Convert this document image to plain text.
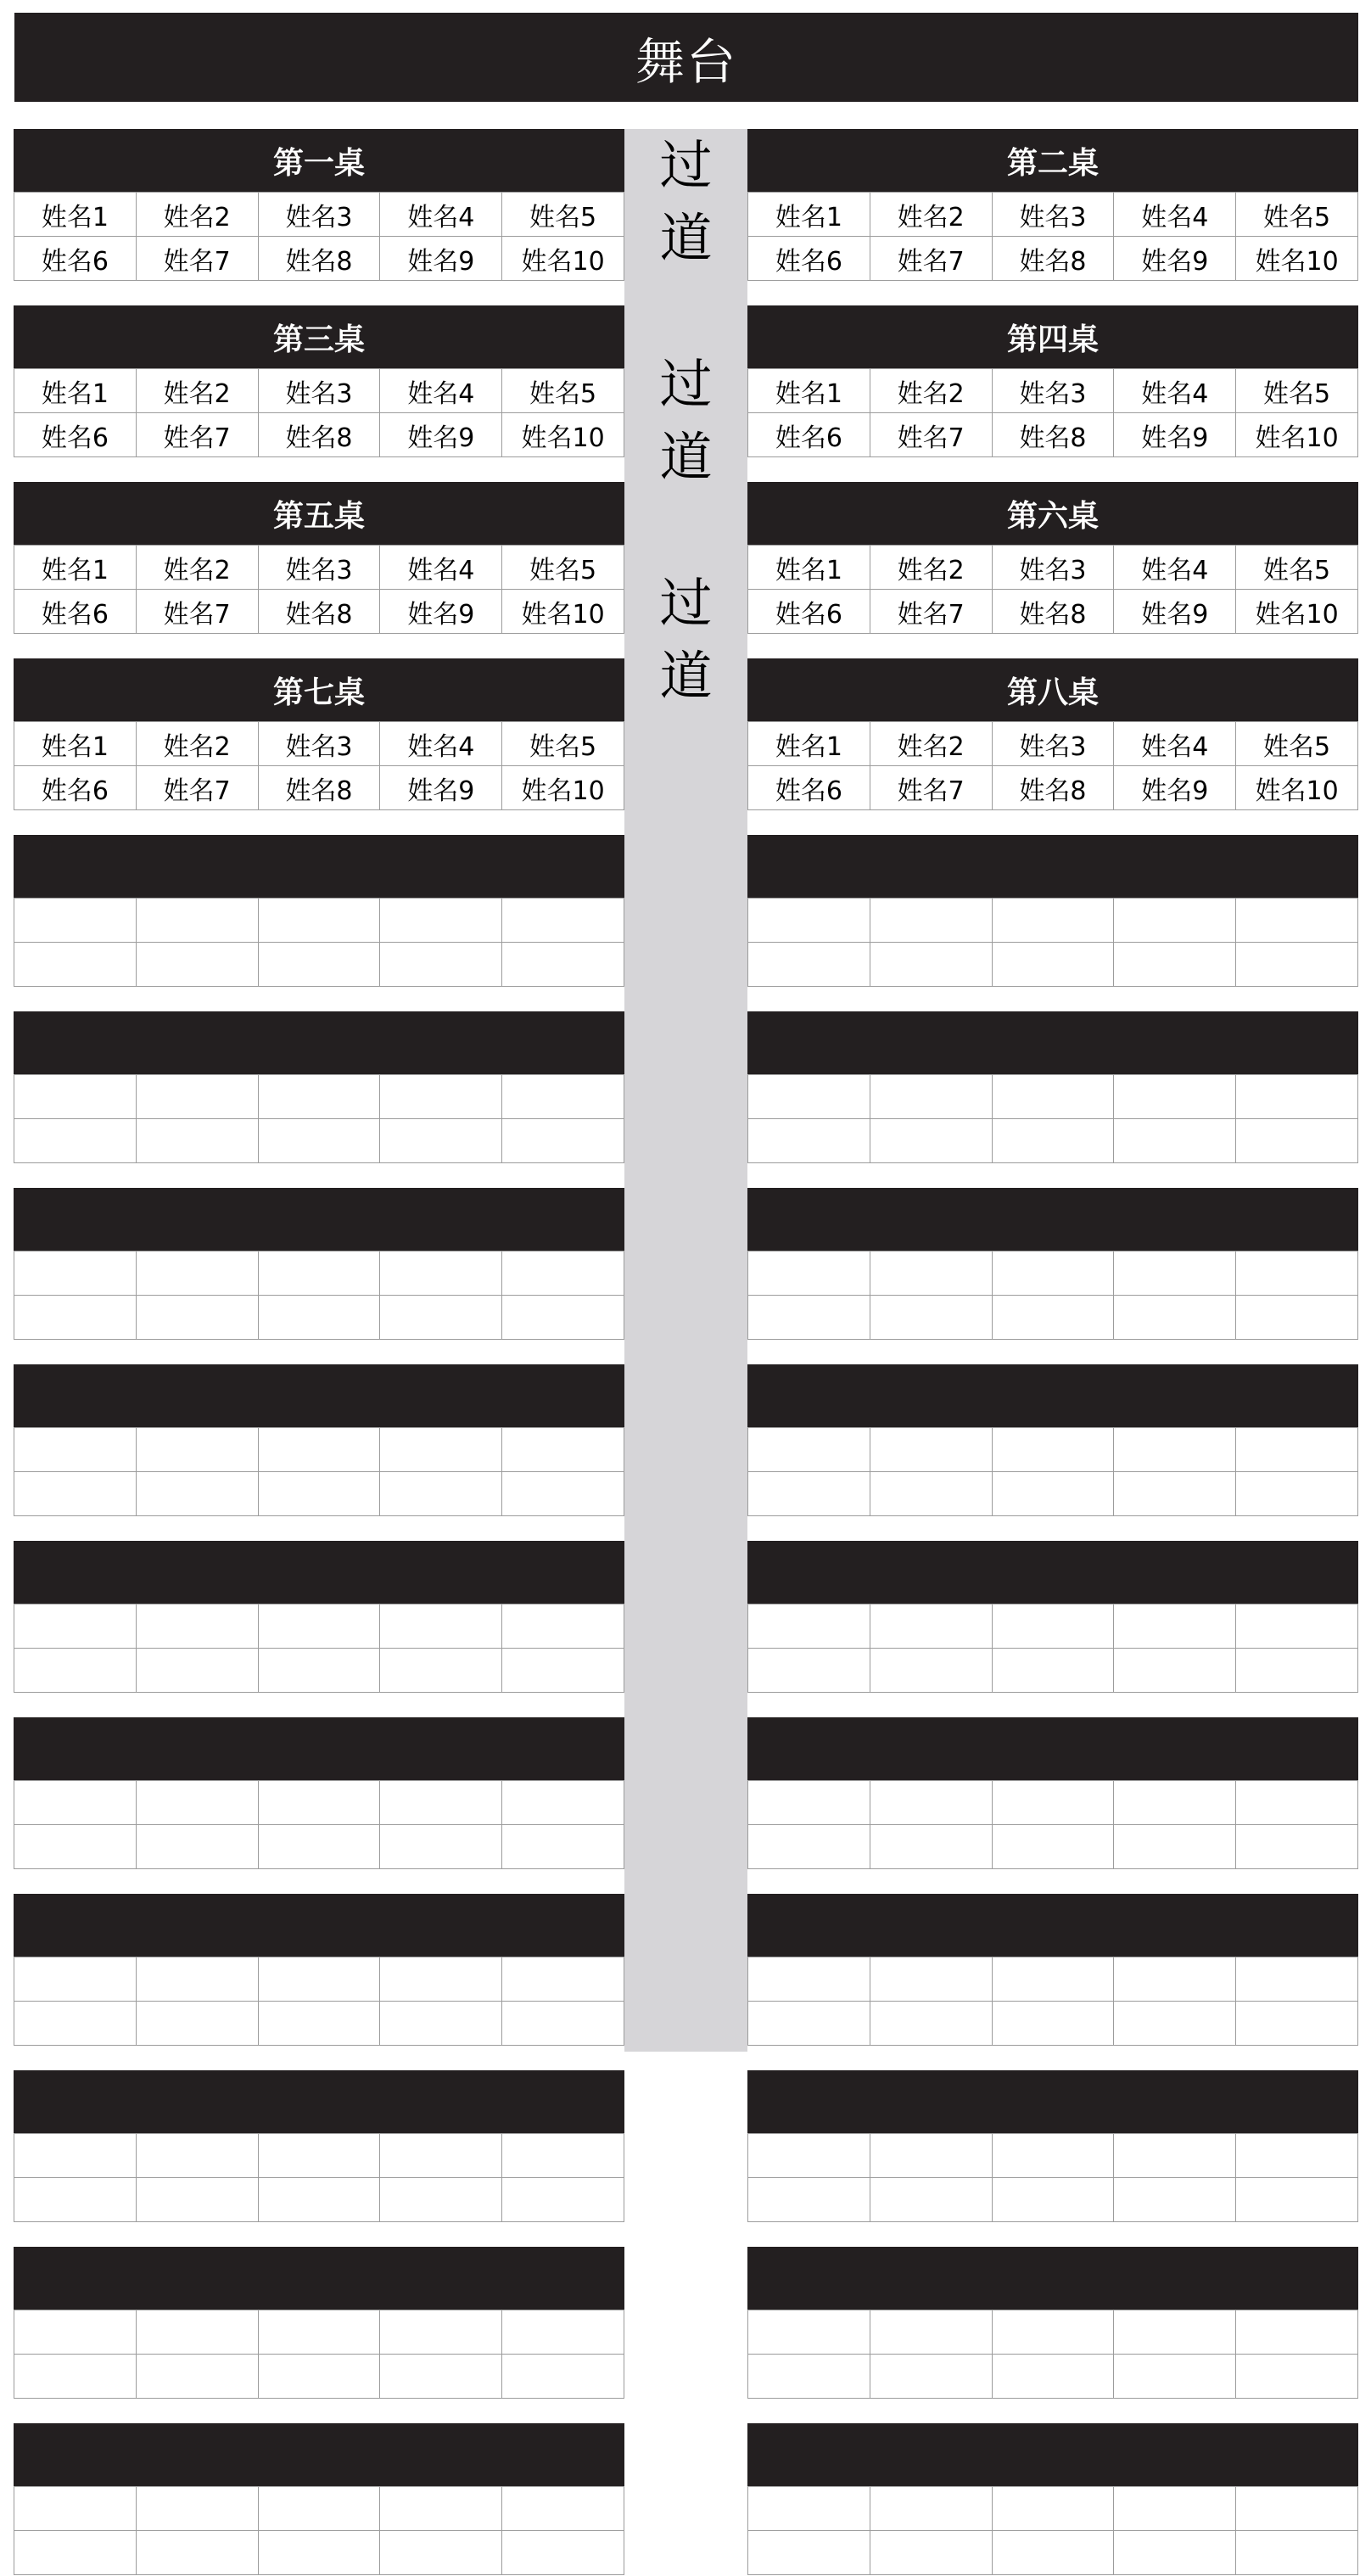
舞台
过
道
过
道
过
道
第一桌
姓名1	姓名2	姓名3	姓名4	姓名5
姓名6	姓名7	姓名8	姓名9	姓名10
第二桌
姓名1	姓名2	姓名3	姓名4	姓名5
姓名6	姓名7	姓名8	姓名9	姓名10
第三桌
姓名1	姓名2	姓名3	姓名4	姓名5
姓名6	姓名7	姓名8	姓名9	姓名10
第四桌
姓名1	姓名2	姓名3	姓名4	姓名5
姓名6	姓名7	姓名8	姓名9	姓名10
第五桌
姓名1	姓名2	姓名3	姓名4	姓名5
姓名6	姓名7	姓名8	姓名9	姓名10
第六桌
姓名1	姓名2	姓名3	姓名4	姓名5
姓名6	姓名7	姓名8	姓名9	姓名10
第七桌
姓名1	姓名2	姓名3	姓名4	姓名5
姓名6	姓名7	姓名8	姓名9	姓名10
第八桌
姓名1	姓名2	姓名3	姓名4	姓名5
姓名6	姓名7	姓名8	姓名9	姓名10
